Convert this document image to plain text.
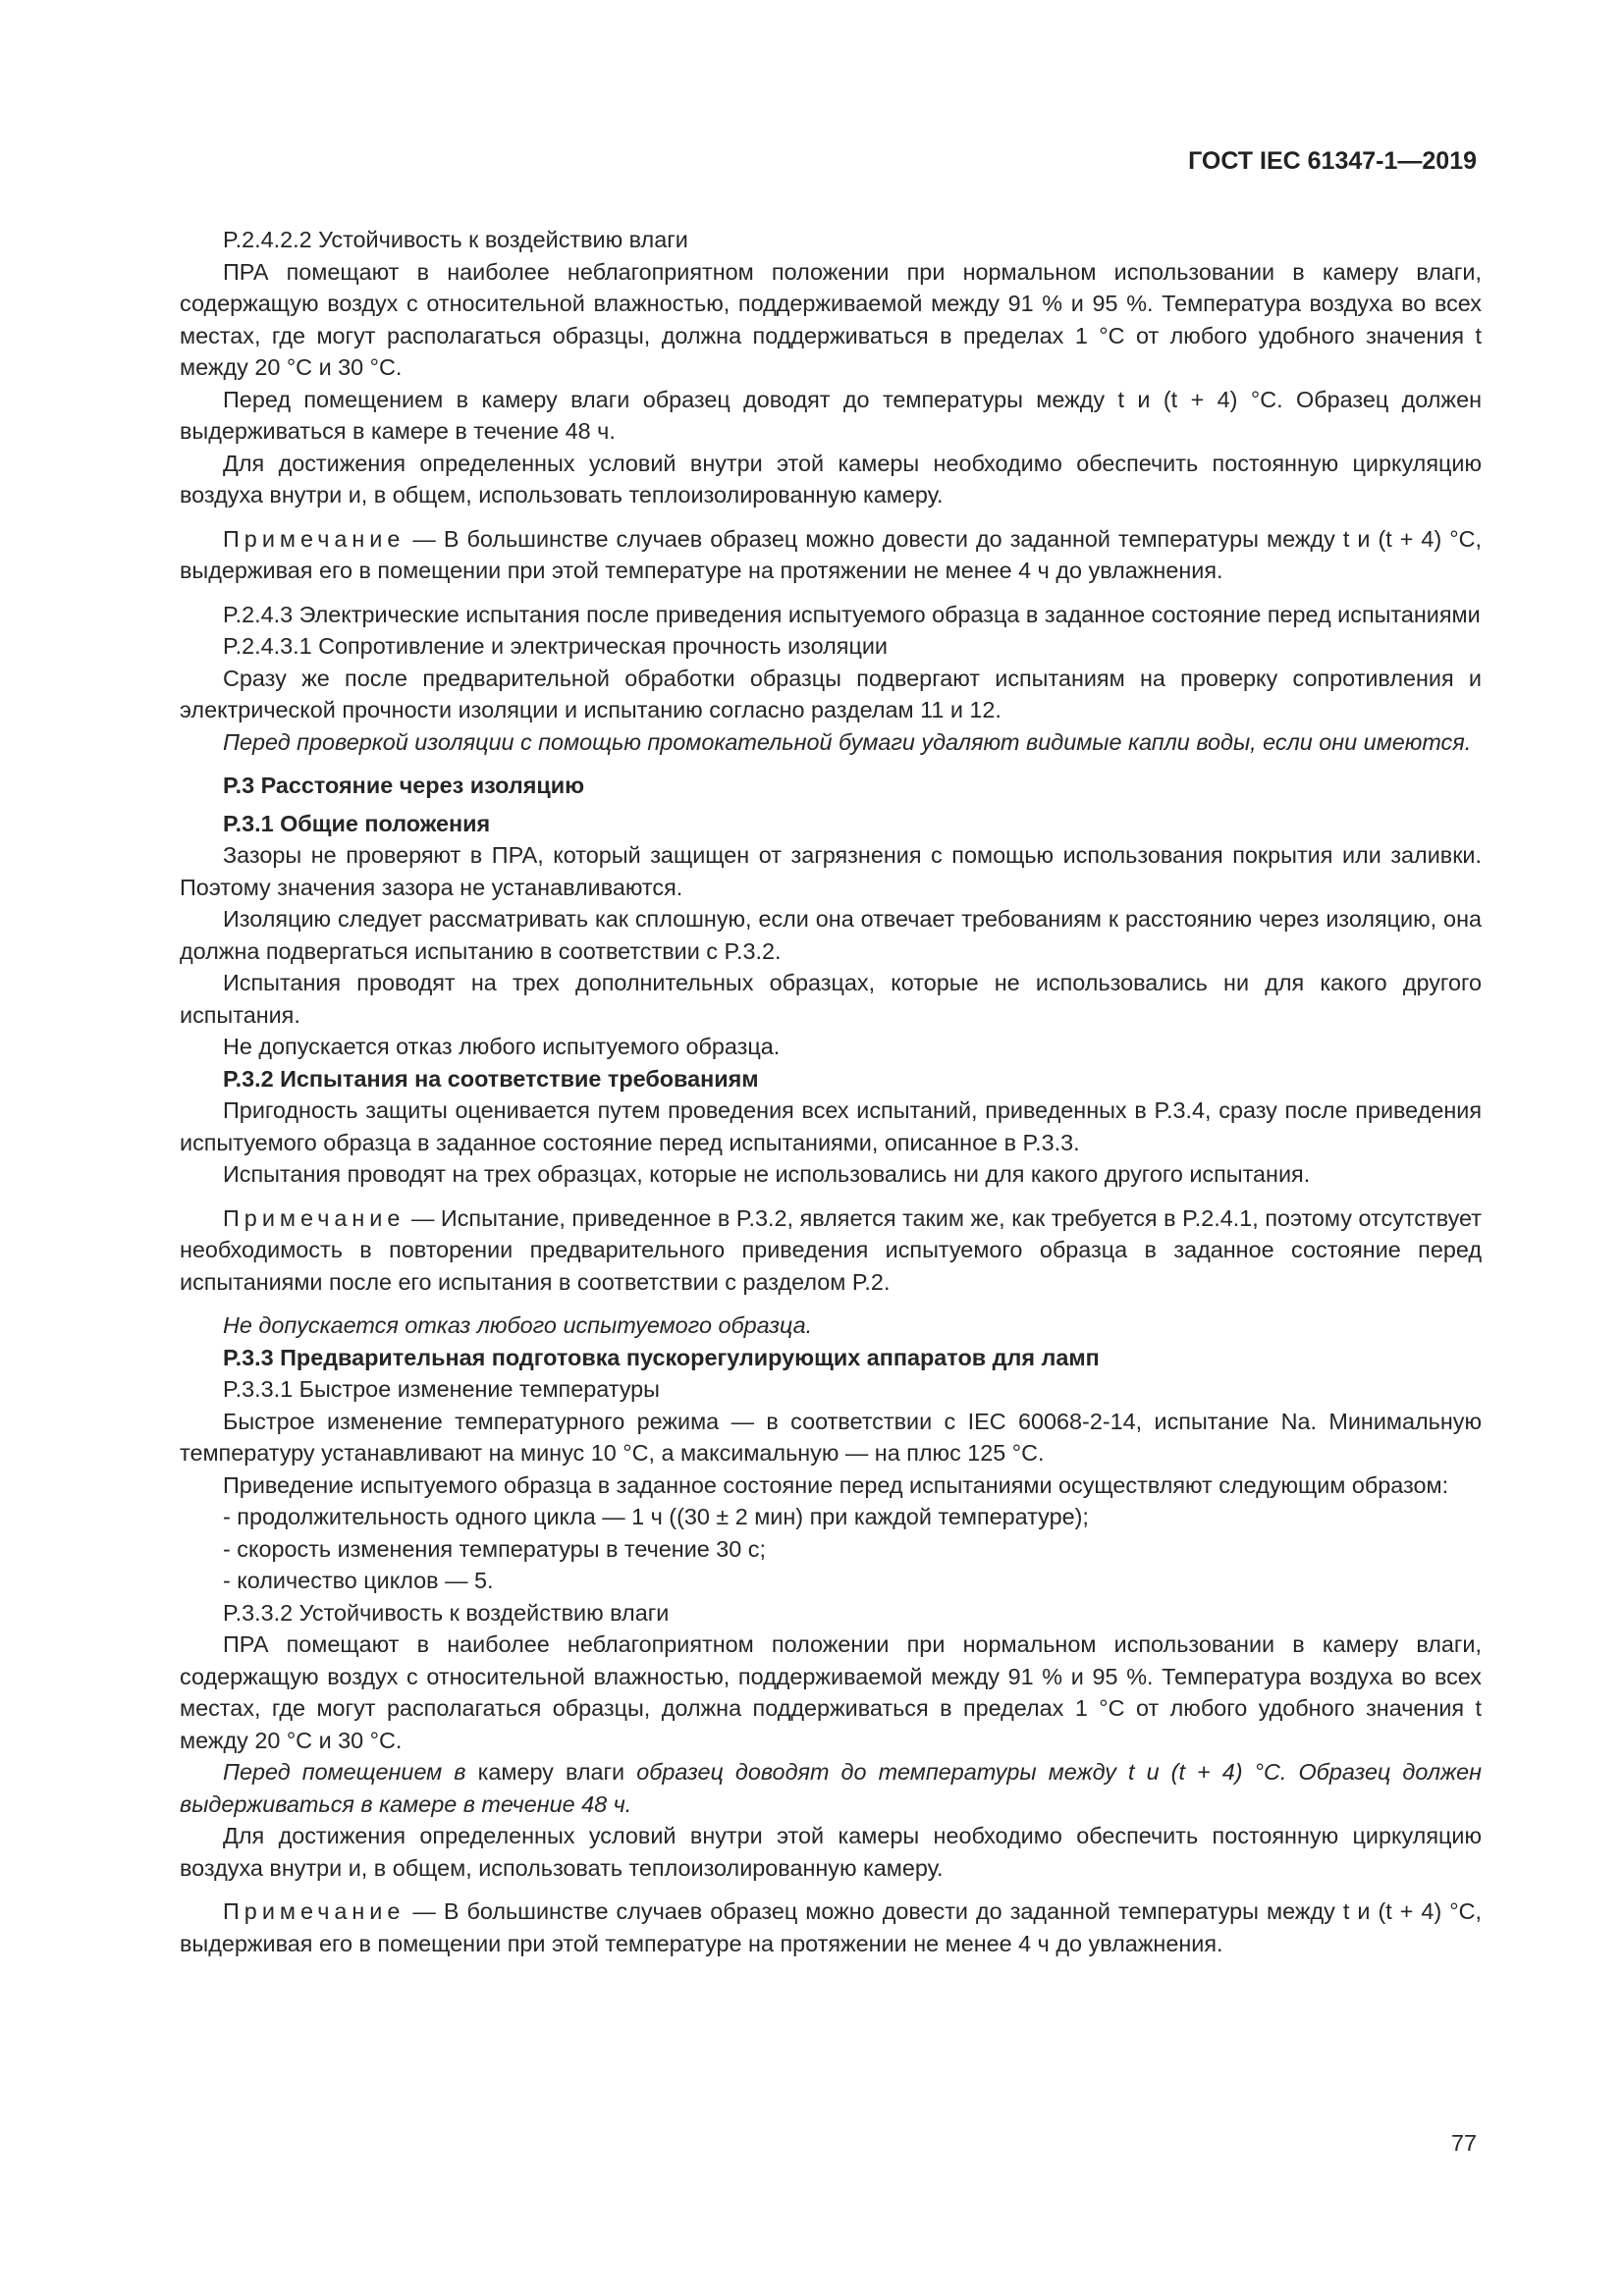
ГОСТ IEC 61347-1—2019

P.2.4.2.2 Устойчивость к воздействию влаги

ПРА помещают в наиболее неблагоприятном положении при нормальном использовании в камеру влаги, содержащую воздух с относительной влажностью, поддерживаемой между 91 % и 95 %. Температура воздуха во всех местах, где могут располагаться образцы, должна поддерживаться в пределах 1 °С от любого удобного значения t между 20 °С и 30 °С.

Перед помещением в камеру влаги образец доводят до температуры между t и (t + 4) °С. Образец должен выдерживаться в камере в течение 48 ч.

Для достижения определенных условий внутри этой камеры необходимо обеспечить постоянную циркуляцию воздуха внутри и, в общем, использовать теплоизолированную камеру.

Примечание — В большинстве случаев образец можно довести до заданной температуры между t и (t + 4) °С, выдерживая его в помещении при этой температуре на протяжении не менее 4 ч до увлажнения.

P.2.4.3 Электрические испытания после приведения испытуемого образца в заданное состояние перед испытаниями

P.2.4.3.1 Сопротивление и электрическая прочность изоляции

Сразу же после предварительной обработки образцы подвергают испытаниям на проверку сопротивления и электрической прочности изоляции и испытанию согласно разделам 11 и 12.

Перед проверкой изоляции с помощью промокательной бумаги удаляют видимые капли воды, если они имеются.

P.3 Расстояние через изоляцию

P.3.1 Общие положения

Зазоры не проверяют в ПРА, который защищен от загрязнения с помощью использования покрытия или заливки. Поэтому значения зазора не устанавливаются.

Изоляцию следует рассматривать как сплошную, если она отвечает требованиям к расстоянию через изоляцию, она должна подвергаться испытанию в соответствии с P.3.2.

Испытания проводят на трех дополнительных образцах, которые не использовались ни для какого другого испытания.

Не допускается отказ любого испытуемого образца.

P.3.2 Испытания на соответствие требованиям

Пригодность защиты оценивается путем проведения всех испытаний, приведенных в P.3.4, сразу после приведения испытуемого образца в заданное состояние перед испытаниями, описанное в P.3.3.

Испытания проводят на трех образцах, которые не использовались ни для какого другого испытания.

Примечание — Испытание, приведенное в P.3.2, является таким же, как требуется в P.2.4.1, поэтому отсутствует необходимость в повторении предварительного приведения испытуемого образца в заданное состояние перед испытаниями после его испытания в соответствии с разделом P.2.

Не допускается отказ любого испытуемого образца.

P.3.3 Предварительная подготовка пускорегулирующих аппаратов для ламп

P.3.3.1 Быстрое изменение температуры

Быстрое изменение температурного режима — в соответствии с IEC 60068-2-14, испытание Na. Минимальную температуру устанавливают на минус 10 °С, а максимальную — на плюс 125 °С.

Приведение испытуемого образца в заданное состояние перед испытаниями осуществляют следующим образом:

- продолжительность одного цикла — 1 ч ((30 ± 2 мин) при каждой температуре);

- скорость изменения температуры в течение 30 с;

- количество циклов — 5.

P.3.3.2 Устойчивость к воздействию влаги

ПРА помещают в наиболее неблагоприятном положении при нормальном использовании в камеру влаги, содержащую воздух с относительной влажностью, поддерживаемой между 91 % и 95 %. Температура воздуха во всех местах, где могут располагаться образцы, должна поддерживаться в пределах 1 °С от любого удобного значения t между 20 °С и 30 °С.

Перед помещением в камеру влаги образец доводят до температуры между t и (t + 4) °С. Образец должен выдерживаться в камере в течение 48 ч.

Для достижения определенных условий внутри этой камеры необходимо обеспечить постоянную циркуляцию воздуха внутри и, в общем, использовать теплоизолированную камеру.

Примечание — В большинстве случаев образец можно довести до заданной температуры между t и (t + 4) °С, выдерживая его в помещении при этой температуре на протяжении не менее 4 ч до увлажнения.

77
